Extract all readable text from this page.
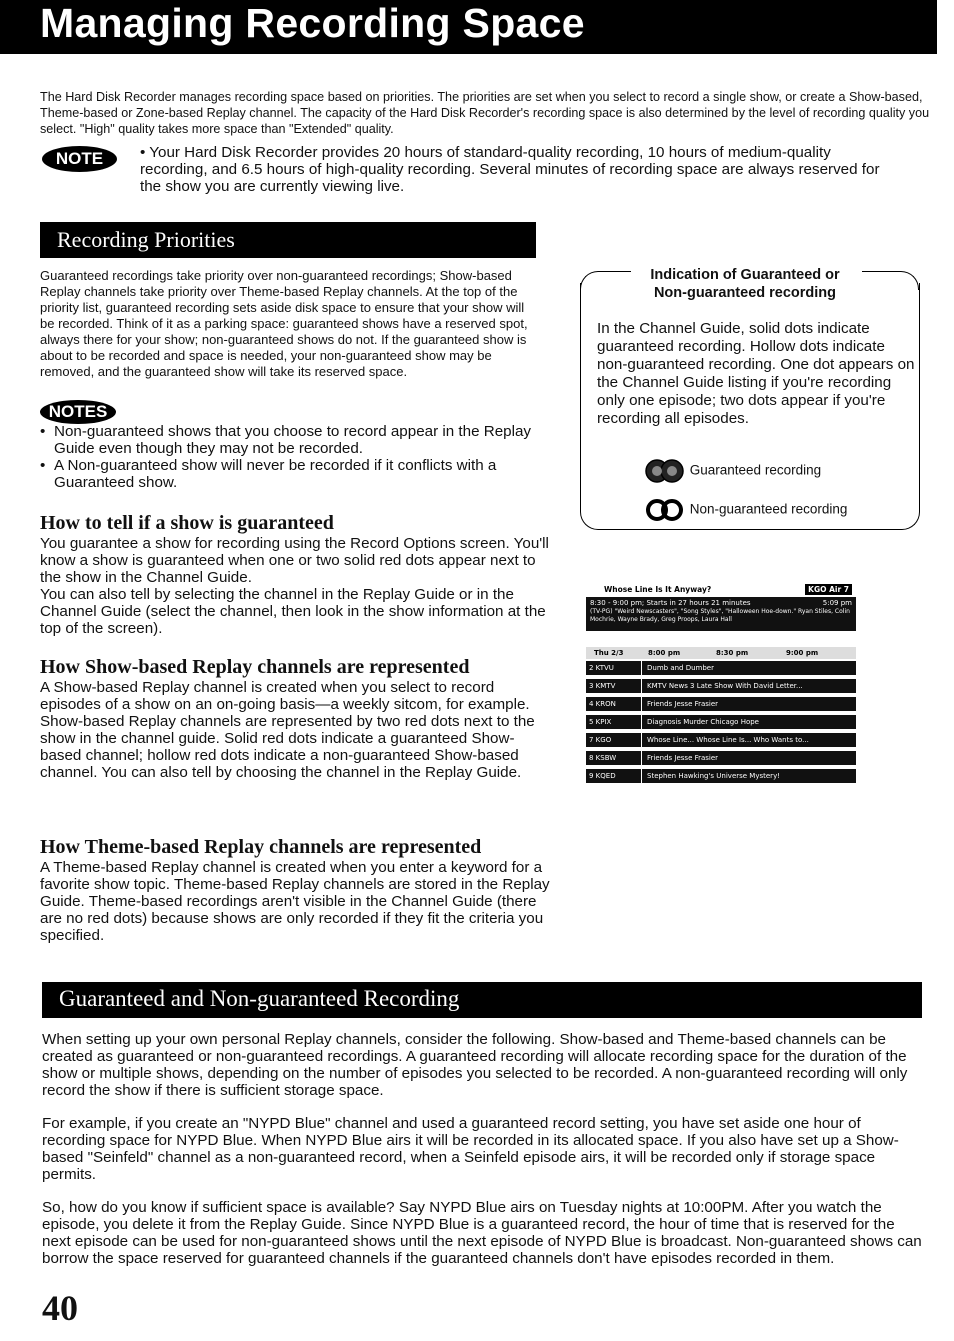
Managing Recording Space
The Hard Disk Recorder manages recording space based on priorities. The priorities are set when you select to record a single show, or create a Show-based, Theme-based or Zone-based Replay channel. The capacity of the Hard Disk Recorder's recording space is also determined by the level of recording quality you select. "High" quality takes more space than "Extended" quality.
NOTE	• Your Hard Disk Recorder provides 20 hours of standard-quality recording, 10 hours of medium-quality recording, and 6.5 hours of high-quality recording. Several minutes of recording space are always reserved for the show you are currently viewing live.
Recording Priorities
Guaranteed recordings take priority over non-guaranteed recordings; Show-based Replay channels take priority over Theme-based Replay channels. At the top of the priority list, guaranteed recording sets aside disk space to ensure that your show will be recorded. Think of it as a parking space: guaranteed shows have a reserved spot, always there for your show; non-guaranteed shows do not. If the guaranteed show is about to be recorded and space is needed, your non-guaranteed show may be removed, and the guaranteed show will take its reserved space.
NOTES
• Non-guaranteed shows that you choose to record appear in the Replay Guide even though they may not be recorded.
• A Non-guaranteed show will never be recorded if it conflicts with a Guaranteed show.
How to tell if a show is guaranteed
You guarantee a show for recording using the Record Options screen. You'll know a show is guaranteed when one or two solid red dots appear next to the show in the Channel Guide.
You can also tell by selecting the channel in the Replay Guide or in the Channel Guide (select the channel, then look in the show information at the top of the screen).
How Show-based Replay channels are represented
A Show-based Replay channel is created when you select to record episodes of a show on an on-going basis—a weekly sitcom, for example. Show-based Replay channels are represented by two red dots next to the show in the channel guide. Solid red dots indicate a guaranteed Show-based channel; hollow red dots indicate a non-guaranteed Show-based channel. You can also tell by choosing the channel in the Replay Guide.
How Theme-based Replay channels are represented
A Theme-based Replay channel is created when you enter a keyword for a favorite show topic. Theme-based Replay channels are stored in the Replay Guide. Theme-based recordings aren't visible in the Channel Guide (there are no red dots) because shows are only recorded if they fit the criteria you specified.
Indication of Guaranteed or Non-guaranteed recording
In the Channel Guide, solid dots indicate guaranteed recording. Hollow dots indicate non-guaranteed recording. One dot appears on the Channel Guide listing if you're recording only one episode; two dots appear if you're recording all episodes.
Guaranteed recording
Non-guaranteed recording
Whose Line Is It Anyway?	KGO Air 7
8:30 - 9:00 pm; Starts in 27 hours 21 minutes	5:09 pm
(TV-PG) "Weird Newscasters", "Song Styles", "Halloween Hoe-down." Ryan Stiles, Colin Mochrie, Wayne Brady, Greg Proops, Laura Hall
Thu 2/3	8:00 pm	8:30 pm	9:00 pm
2 KTVU	Dumb and Dumber
3 KMTV	KMTV News 3 Late Show With David Letter...
4 KRON	Friends Jesse Frasier
5 KPIX	Diagnosis Murder Chicago Hope
7 KGO	Whose Line... Whose Line Is... Who Wants to...
8 KSBW	Friends Jesse Frasier
9 KQED	Stephen Hawking's Universe Mystery!
Guaranteed and Non-guaranteed Recording

When setting up your own personal Replay channels, consider the following. Show-based and Theme-based channels can be created as guaranteed or non-guaranteed recordings. A guaranteed recording will allocate recording space for the duration of the show or multiple shows, depending on the number of episodes you selected to be recorded. A non-guaranteed recording will only record the show if there is sufficient storage space.

For example, if you create an "NYPD Blue" channel and used a guaranteed record setting, you have set aside one hour of recording space for NYPD Blue. When NYPD Blue airs it will be recorded in its allocated space. If you also have set up a Show-based "Seinfeld" channel as a non-guaranteed record, when a Seinfeld episode airs, it will be recorded only if storage space permits.

So, how do you know if sufficient space is available? Say NYPD Blue airs on Tuesday nights at 10:00PM. After you watch the episode, you delete it from the Replay Guide. Since NYPD Blue is a guaranteed record, the hour of time that is reserved for the next episode can be used for non-guaranteed shows until the next episode of NYPD Blue is broadcast. Non-guaranteed shows can borrow the space reserved for guaranteed channels if the guaranteed channels don't have episodes recorded in them.

40
